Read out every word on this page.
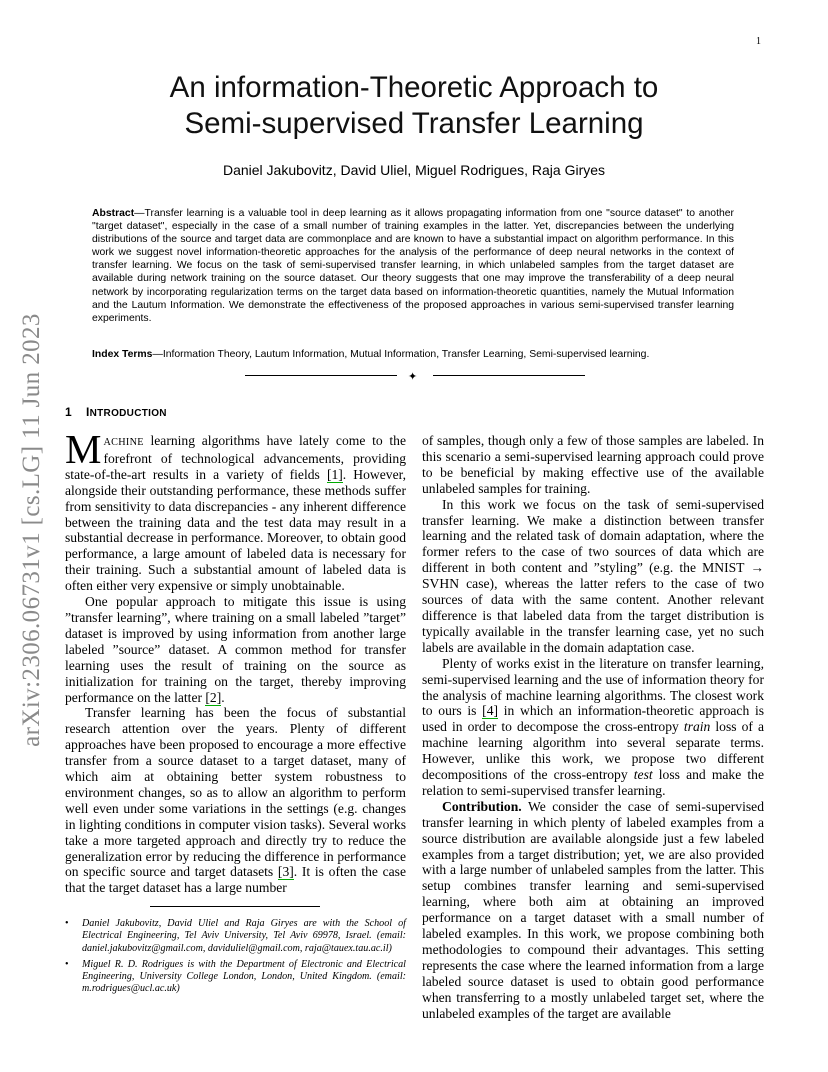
1
arXiv:2306.06731v1 [cs.LG] 11 Jun 2023
An information-Theoretic Approach to
Semi-supervised Transfer Learning
Daniel Jakubovitz, David Uliel, Miguel Rodrigues, Raja Giryes
Abstract—Transfer learning is a valuable tool in deep learning as it allows propagating information from one "source dataset" to another "target dataset", especially in the case of a small number of training examples in the latter. Yet, discrepancies between the underlying distributions of the source and target data are commonplace and are known to have a substantial impact on algorithm performance. In this work we suggest novel information-theoretic approaches for the analysis of the performance of deep neural networks in the context of transfer learning. We focus on the task of semi-supervised transfer learning, in which unlabeled samples from the target dataset are available during network training on the source dataset. Our theory suggests that one may improve the transferability of a deep neural network by incorporating regularization terms on the target data based on information-theoretic quantities, namely the Mutual Information and the Lautum Information. We demonstrate the effectiveness of the proposed approaches in various semi-supervised transfer learning experiments.
Index Terms—Information Theory, Lautum Information, Mutual Information, Transfer Learning, Semi-supervised learning.
✦
1 INTRODUCTION

MACHINE learning algorithms have lately come to the forefront of technological advancements, providing state-of-the-art results in a variety of fields [1]. However, alongside their outstanding performance, these methods suffer from sensitivity to data discrepancies - any inherent difference between the training data and the test data may result in a substantial decrease in performance. Moreover, to obtain good performance, a large amount of labeled data is necessary for their training. Such a substantial amount of labeled data is often either very expensive or simply unobtainable.

One popular approach to mitigate this issue is using ”transfer learning”, where training on a small labeled ”target” dataset is improved by using information from another large labeled ”source” dataset. A common method for transfer learning uses the result of training on the source as initialization for training on the target, thereby improving performance on the latter [2].

Transfer learning has been the focus of substantial research attention over the years. Plenty of different approaches have been proposed to encourage a more effective transfer from a source dataset to a target dataset, many of which aim at obtaining better system robustness to environment changes, so as to allow an algorithm to perform well even under some variations in the settings (e.g. changes in lighting conditions in computer vision tasks). Several works take a more targeted approach and directly try to reduce the generalization error by reducing the difference in performance on specific source and target datasets [3]. It is often the case that the target dataset has a large number

• Daniel Jakubovitz, David Uliel and Raja Giryes are with the School of Electrical Engineering, Tel Aviv University, Tel Aviv 69978, Israel. (email: daniel.jakubovitz@gmail.com, daviduliel@gmail.com, raja@tauex.tau.ac.il)
• Miguel R. D. Rodrigues is with the Department of Electronic and Electrical Engineering, University College London, London, United Kingdom. (email: m.rodrigues@ucl.ac.uk)

of samples, though only a few of those samples are labeled. In this scenario a semi-supervised learning approach could prove to be beneficial by making effective use of the available unlabeled samples for training.

In this work we focus on the task of semi-supervised transfer learning. We make a distinction between transfer learning and the related task of domain adaptation, where the former refers to the case of two sources of data which are different in both content and ”styling” (e.g. the MNIST → SVHN case), whereas the latter refers to the case of two sources of data with the same content. Another relevant difference is that labeled data from the target distribution is typically available in the transfer learning case, yet no such labels are available in the domain adaptation case.

Plenty of works exist in the literature on transfer learning, semi-supervised learning and the use of information theory for the analysis of machine learning algorithms. The closest work to ours is [4] in which an information-theoretic approach is used in order to decompose the cross-entropy train loss of a machine learning algorithm into several separate terms. However, unlike this work, we propose two different decompositions of the cross-entropy test loss and make the relation to semi-supervised transfer learning.

Contribution. We consider the case of semi-supervised transfer learning in which plenty of labeled examples from a source distribution are available alongside just a few labeled examples from a target distribution; yet, we are also provided with a large number of unlabeled samples from the latter. This setup combines transfer learning and semi-supervised learning, where both aim at obtaining an improved performance on a target dataset with a small number of labeled examples. In this work, we propose combining both methodologies to compound their advantages. This setting represents the case where the learned information from a large labeled source dataset is used to obtain good performance when transferring to a mostly unlabeled target set, where the unlabeled examples of the target are available
